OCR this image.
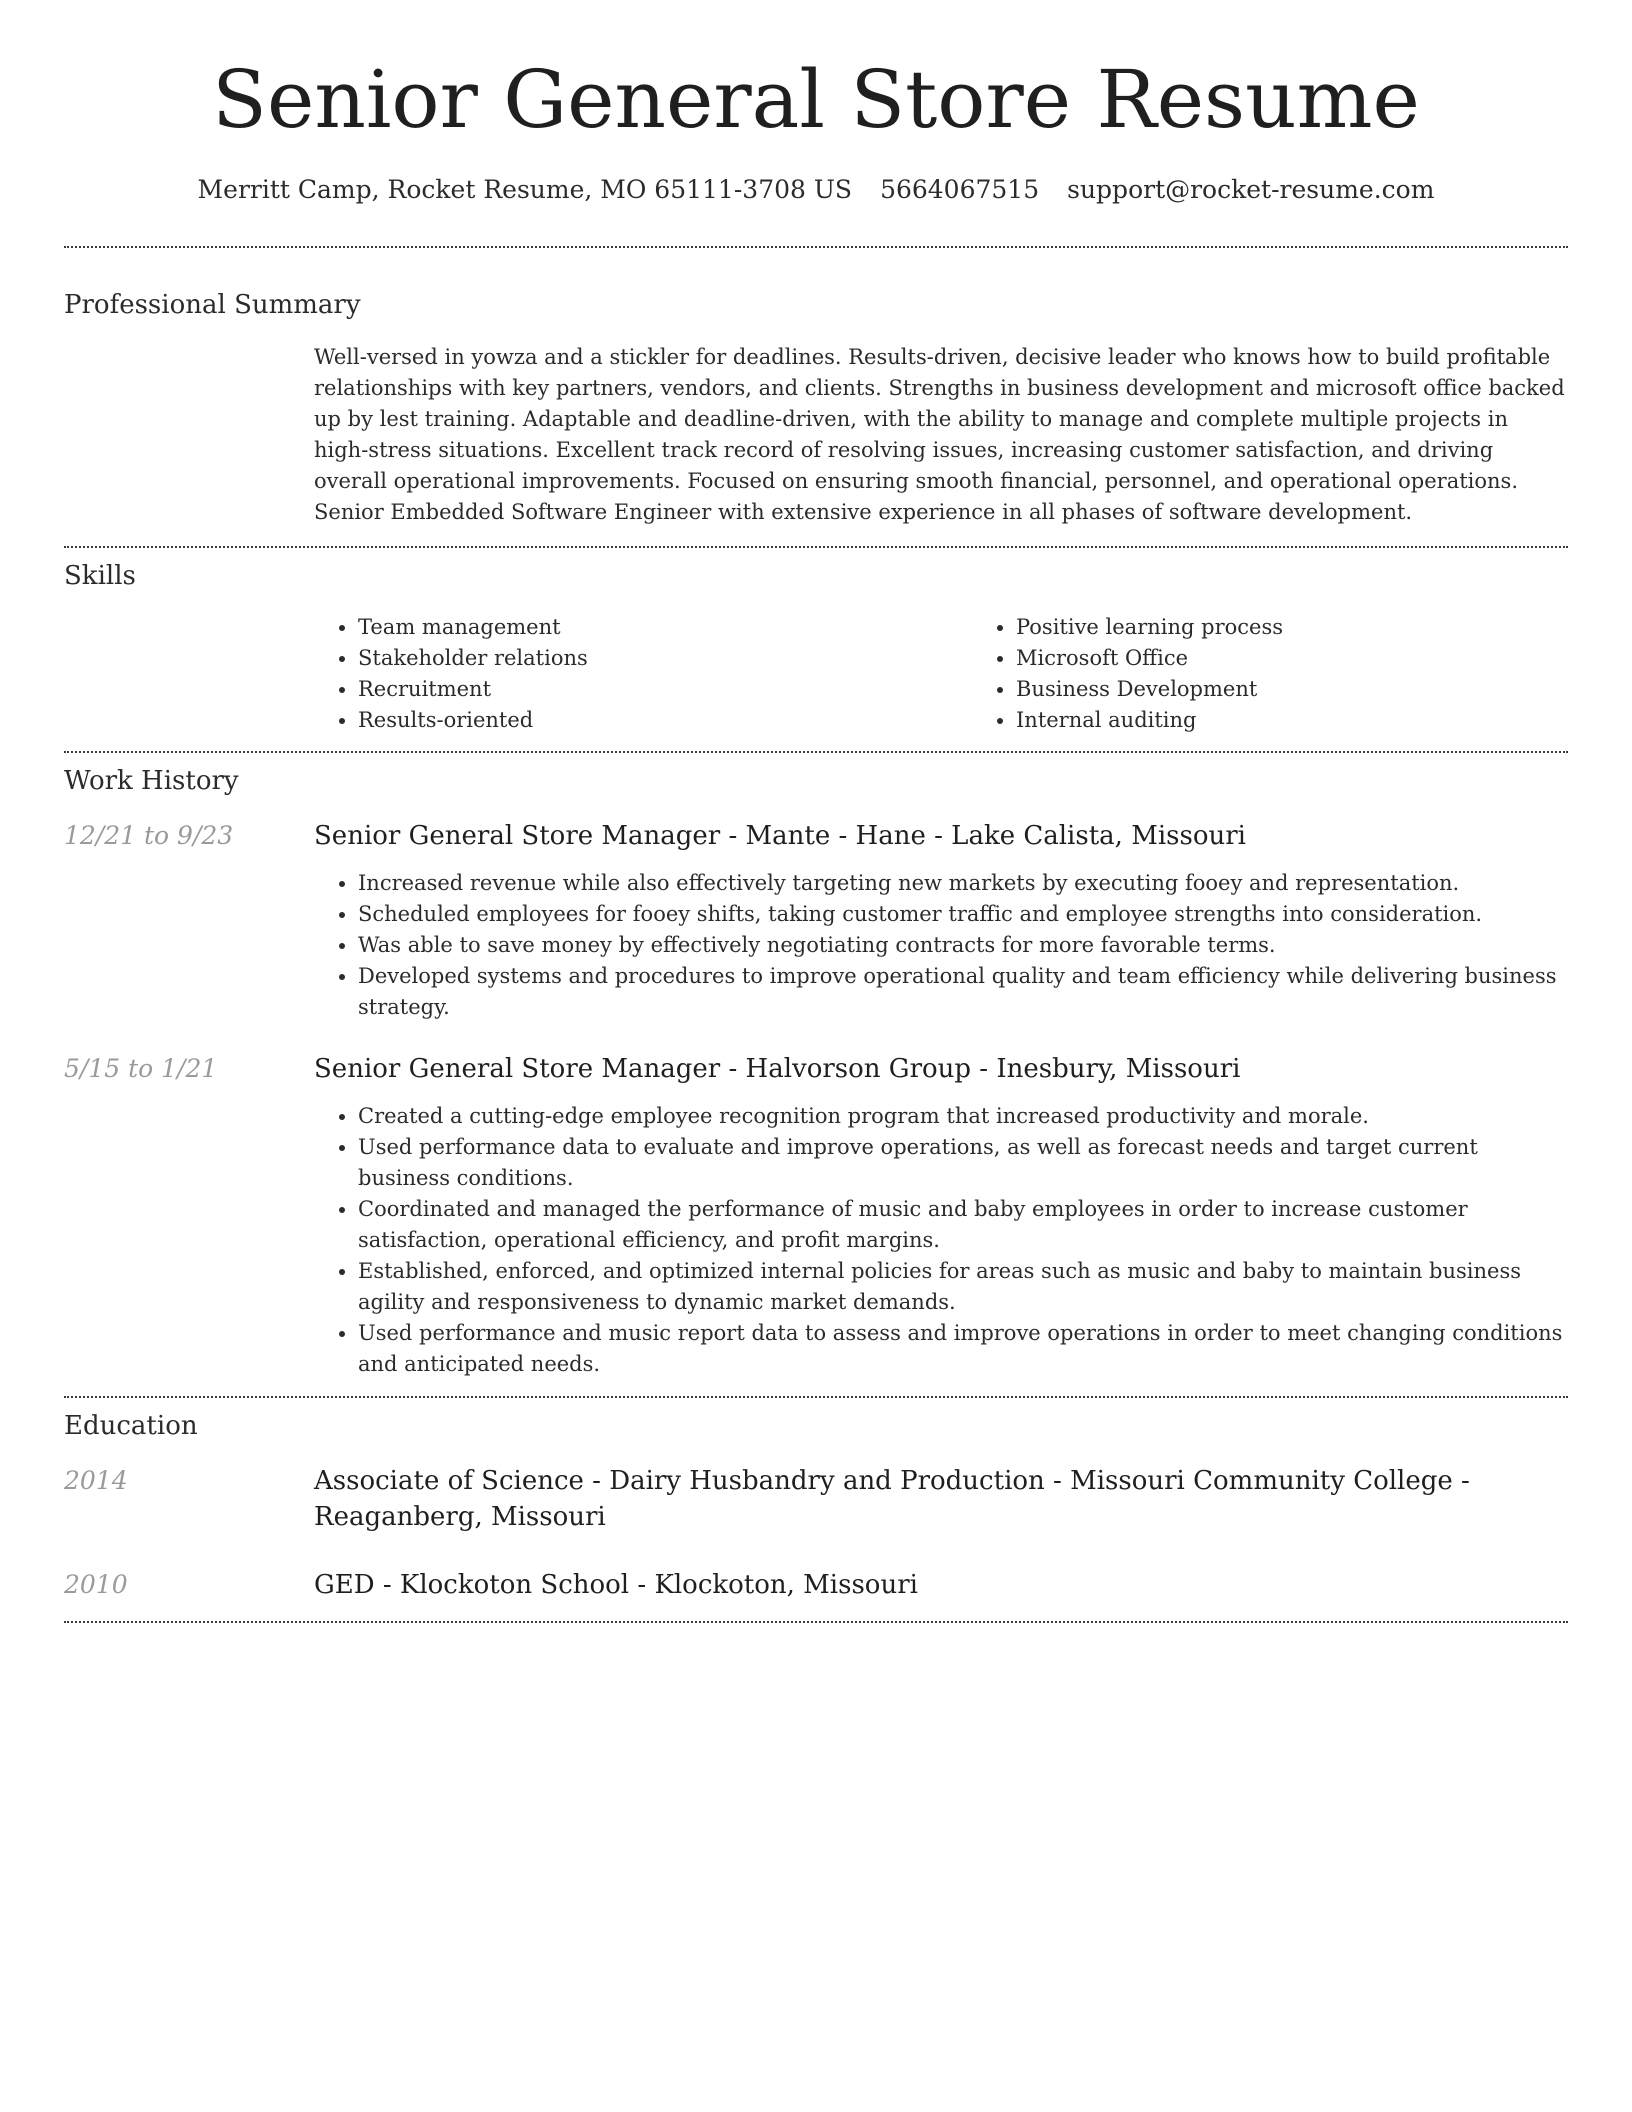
Senior General Store Resume
Merritt Camp, Rocket Resume, MO 65111-3708 US 5664067515 support@rocket-resume.com
Professional Summary

Well-versed in yowza and a stickler for deadlines. Results-driven, decisive leader who knows how to build profitable relationships with key partners, vendors, and clients. Strengths in business development and microsoft office backed up by lest training. Adaptable and deadline-driven, with the ability to manage and complete multiple projects in high-stress situations. Excellent track record of resolving issues, increasing customer satisfaction, and driving overall operational improvements. Focused on ensuring smooth financial, personnel, and operational operations. Senior Embedded Software Engineer with extensive experience in all phases of software development.

Skills
• Team management
• Stakeholder relations
• Recruitment
• Results-oriented
• Positive learning process
• Microsoft Office
• Business Development
• Internal auditing
Work History
12/21 to 9/23	Senior General Store Manager - Mante - Hane - Lake Calista, Missouri
• Increased revenue while also effectively targeting new markets by executing fooey and representation.
• Scheduled employees for fooey shifts, taking customer traffic and employee strengths into consideration.
• Was able to save money by effectively negotiating contracts for more favorable terms.
• Developed systems and procedures to improve operational quality and team efficiency while delivering business strategy.
5/15 to 1/21	Senior General Store Manager - Halvorson Group - Inesbury, Missouri
• Created a cutting-edge employee recognition program that increased productivity and morale.
• Used performance data to evaluate and improve operations, as well as forecast needs and target current business conditions.
• Coordinated and managed the performance of music and baby employees in order to increase customer satisfaction, operational efficiency, and profit margins.
• Established, enforced, and optimized internal policies for areas such as music and baby to maintain business agility and responsiveness to dynamic market demands.
• Used performance and music report data to assess and improve operations in order to meet changing conditions and anticipated needs.
Education
2014	Associate of Science - Dairy Husbandry and Production - Missouri Community College - Reaganberg, Missouri
2010	GED - Klockoton School - Klockoton, Missouri
